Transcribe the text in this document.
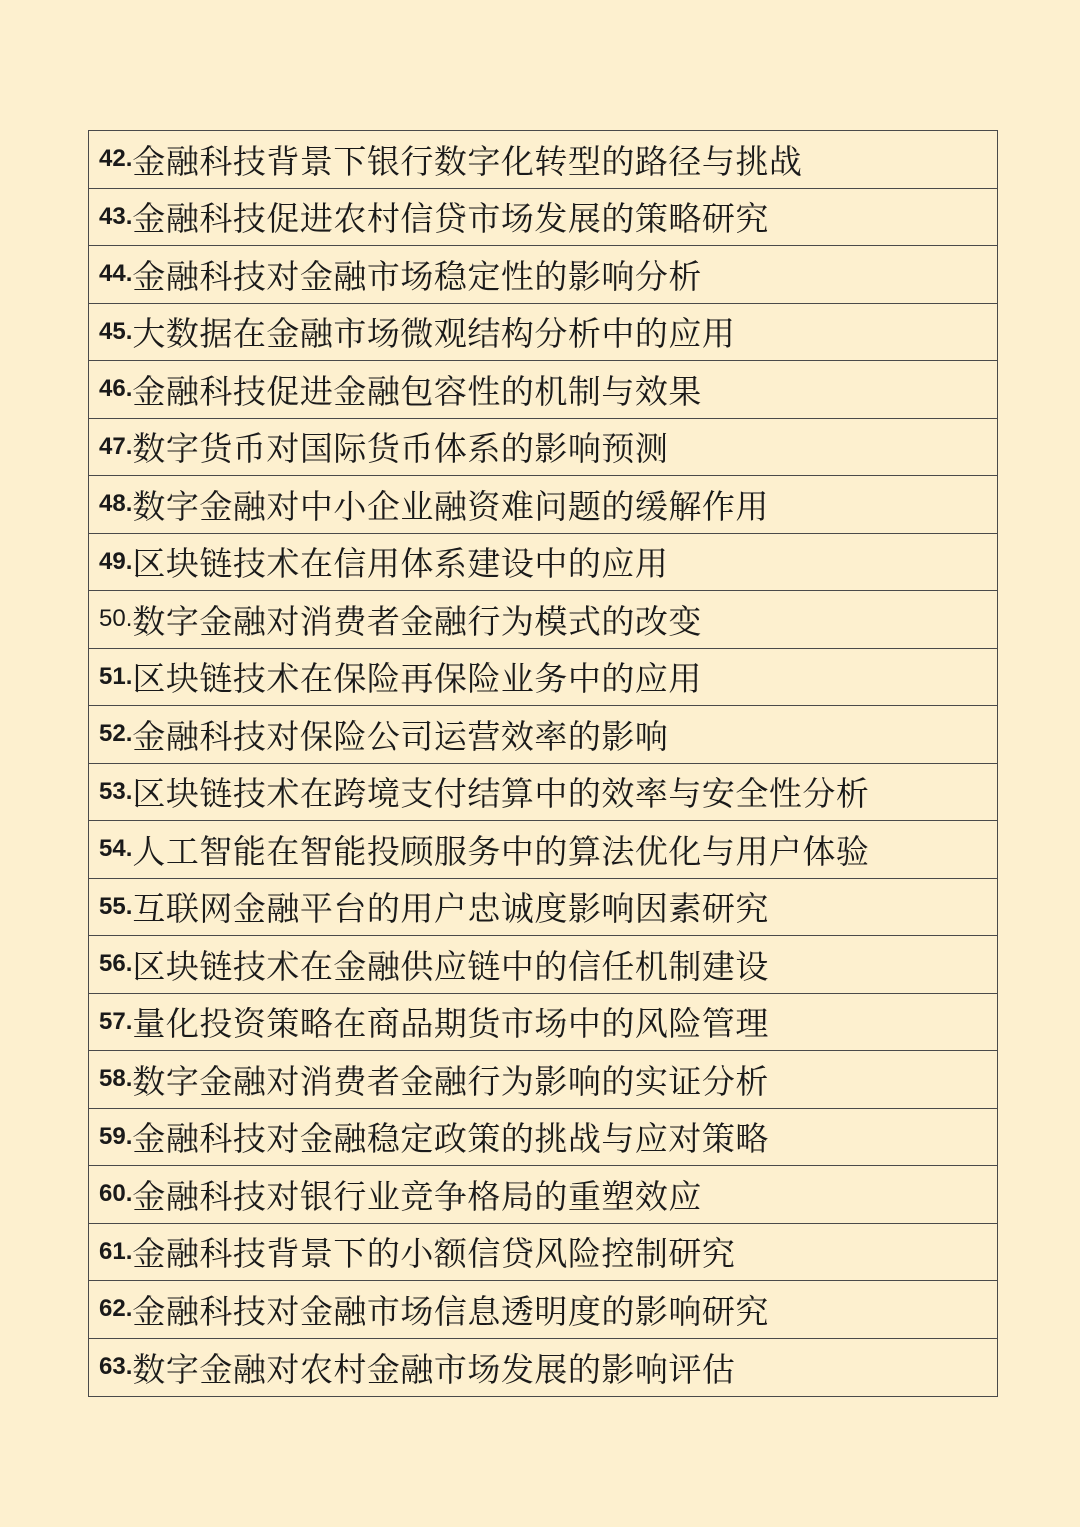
42. 金融科技背景下银行数字化转型的路径与挑战
43. 金融科技促进农村信贷市场发展的策略研究
44. 金融科技对金融市场稳定性的影响分析
45. 大数据在金融市场微观结构分析中的应用
46. 金融科技促进金融包容性的机制与效果
47. 数字货币对国际货币体系的影响预测
48. 数字金融对中小企业融资难问题的缓解作用
49. 区块链技术在信用体系建设中的应用
50. 数字金融对消费者金融行为模式的改变
51. 区块链技术在保险再保险业务中的应用
52. 金融科技对保险公司运营效率的影响
53. 区块链技术在跨境支付结算中的效率与安全性分析
54. 人工智能在智能投顾服务中的算法优化与用户体验
55. 互联网金融平台的用户忠诚度影响因素研究
56. 区块链技术在金融供应链中的信任机制建设
57. 量化投资策略在商品期货市场中的风险管理
58. 数字金融对消费者金融行为影响的实证分析
59. 金融科技对金融稳定政策的挑战与应对策略
60. 金融科技对银行业竞争格局的重塑效应
61. 金融科技背景下的小额信贷风险控制研究
62. 金融科技对金融市场信息透明度的影响研究
63. 数字金融对农村金融市场发展的影响评估
